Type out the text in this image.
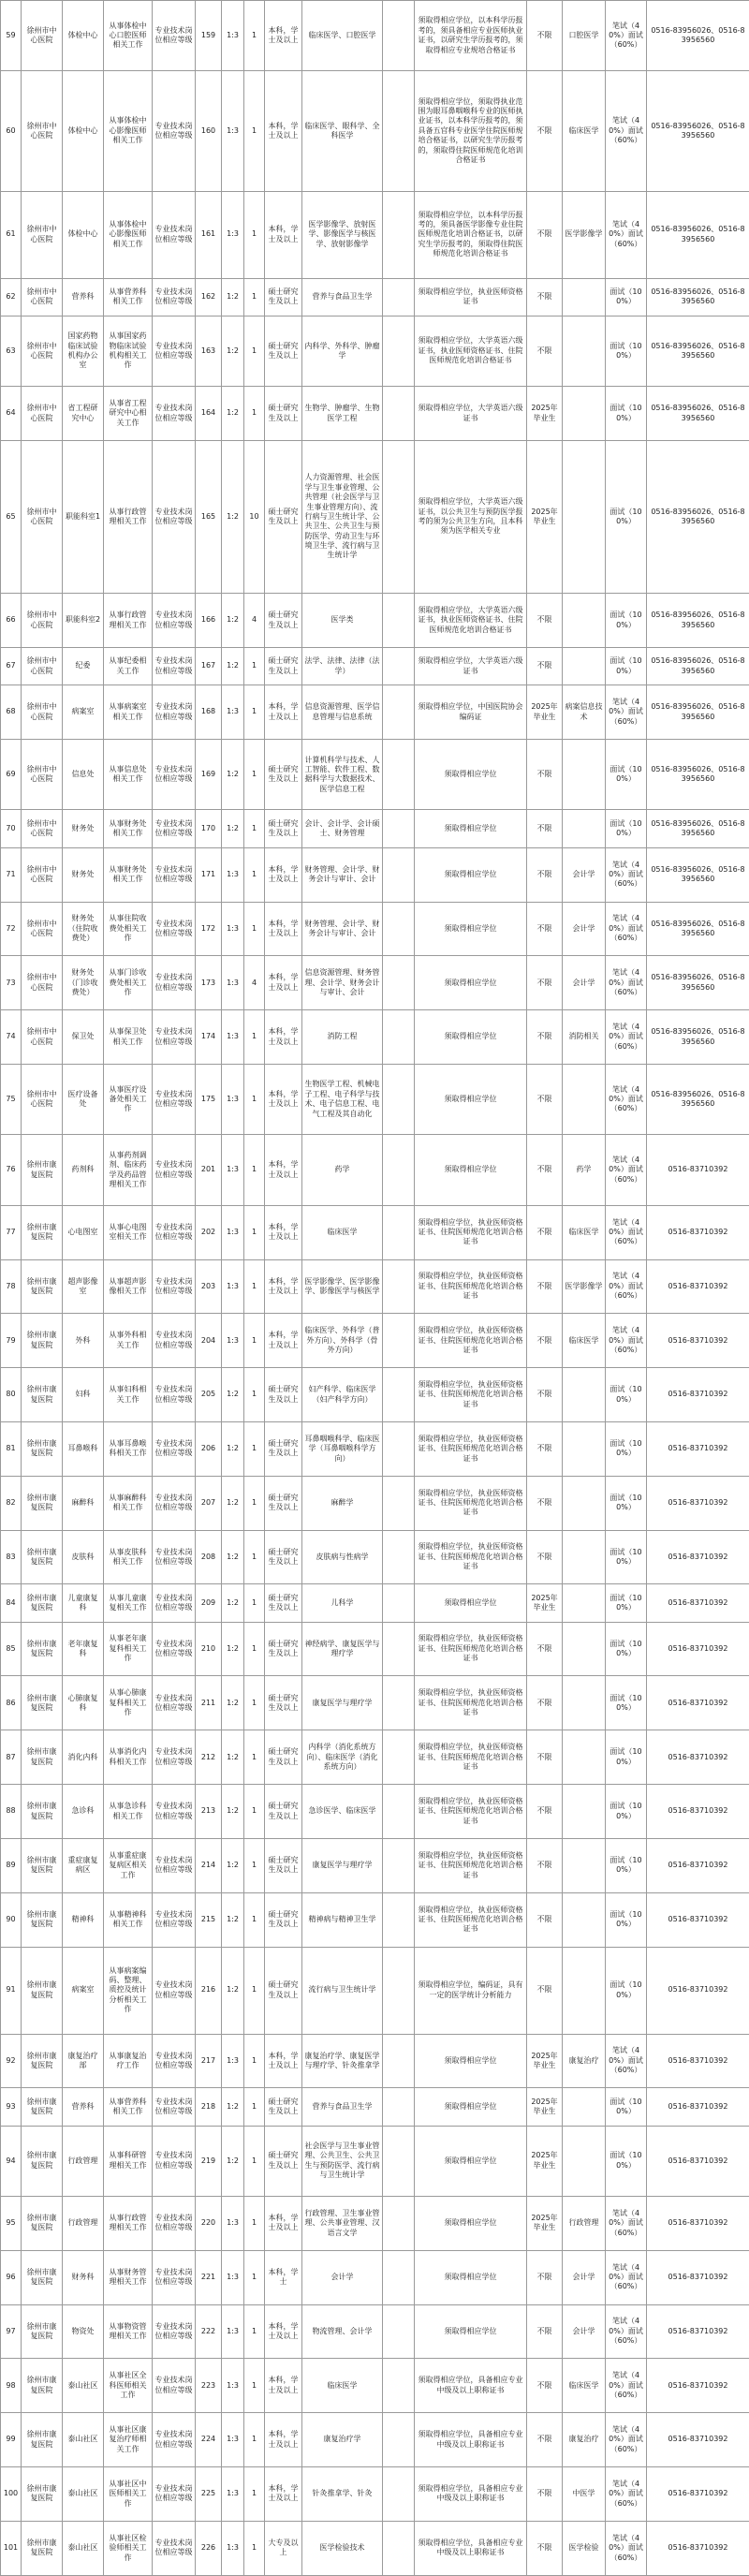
59	徐州市中心医院	体检中心	从事体检中心口腔医师相关工作	专业技术岗位相应等级	159	1:3	1	本科，学士及以上	临床医学、口腔医学		须取得相应学位，以本科学历报考的，须具备相应专业医师执业证书，以研究生学历报考的，须取得相应专业规培合格证书	不限	口腔医学	笔试（40%）面试（60%）	0516-83956026、0516-83956560
60	徐州市中心医院	体检中心	从事体检中心影像医师相关工作	专业技术岗位相应等级	160	1:3	1	本科，学士及以上	临床医学、眼科学、全科医学		须取得相应学位，须取得执业范围为眼耳鼻咽喉科专业的医师执业证书，以本科学历报考的，须具备五官科专业医学住院医师规培合格证书，以研究生学历报考的，须取得住院医师规范化培训合格证书	不限	临床医学	笔试（40%）面试（60%）	0516-83956026、0516-83956560
61	徐州市中心医院	体检中心	从事体检中心影像医师相关工作	专业技术岗位相应等级	161	1:3	1	本科，学士及以上	医学影像学、放射医学、影像医学与核医学、放射影像学		须取得相应学位，以本科学历报考的，须具备医学影像专业住院医师规范化培训合格证书，以研究生学历报考的，须取得住院医师规范化培训合格证书	不限	医学影像学	笔试（40%）面试（60%）	0516-83956026、0516-83956560
62	徐州市中心医院	营养科	从事营养科相关工作	专业技术岗位相应等级	162	1:2	1	硕士研究生及以上	营养与食品卫生学		须取得相应学位，执业医师资格证书	不限		面试（100%）	0516-83956026、0516-83956560
63	徐州市中心医院	国家药物临床试验机构办公室	从事国家药物临床试验机构相关工作	专业技术岗位相应等级	163	1:2	1	硕士研究生及以上	内科学、外科学、肿瘤学		须取得相应学位，大学英语六级证书，执业医师资格证书、住院医师规范化培训合格证书	不限		面试（100%）	0516-83956026、0516-83956560
64	徐州市中心医院	省工程研究中心	从事省工程研究中心相关工作	专业技术岗位相应等级	164	1:2	1	硕士研究生及以上	生物学、肿瘤学、生物医学工程		须取得相应学位，大学英语六级证书	2025年毕业生		面试（100%）	0516-83956026、0516-83956560
65	徐州市中心医院	职能科室1	从事行政管理相关工作	专业技术岗位相应等级	165	1:2	10	硕士研究生及以上	人力资源管理、社会医学与卫生事业管理、公共管理（社会医学与卫生事业管理方向）、流行病与卫生统计学、公共卫生、公共卫生与预防医学、劳动卫生与环境卫生学、流行病与卫生统计学		须取得相应学位，大学英语六级证书，以公共卫生与预防医学报考的须为公共卫生方向，且本科须为医学相关专业	2025年毕业生		面试（100%）	0516-83956026、0516-83956560
66	徐州市中心医院	职能科室2	从事行政管理相关工作	专业技术岗位相应等级	166	1:2	4	硕士研究生及以上	医学类		须取得相应学位，大学英语六级证书，执业医师资格证书、住院医师规范化培训合格证书	不限		面试（100%）	0516-83956026、0516-83956560
67	徐州市中心医院	纪委	从事纪委相关工作	专业技术岗位相应等级	167	1:2	1	硕士研究生及以上	法学、法律、法律（法学）		须取得相应学位，大学英语六级证书	不限		面试（100%）	0516-83956026、0516-83956560
68	徐州市中心医院	病案室	从事病案室相关工作	专业技术岗位相应等级	168	1:3	1	本科，学士及以上	信息资源管理、医学信息管理与信息系统		须取得相应学位，中国医院协会编码证	2025年毕业生	病案信息技术	笔试（40%）面试（60%）	0516-83956026、0516-83956560
69	徐州市中心医院	信息处	从事信息处相关工作	专业技术岗位相应等级	169	1:2	1	硕士研究生及以上	计算机科学与技术、人工智能、软件工程、数据科学与大数据技术、医学信息工程		须取得相应学位	不限		面试（100%）	0516-83956026、0516-83956560
70	徐州市中心医院	财务处	从事财务处相关工作	专业技术岗位相应等级	170	1:2	1	硕士研究生及以上	会计、会计学、会计硕士、财务管理		须取得相应学位	不限		面试（100%）	0516-83956026、0516-83956560
71	徐州市中心医院	财务处	从事财务处相关工作	专业技术岗位相应等级	171	1:3	1	本科，学士及以上	财务管理、会计学、财务会计与审计、会计		须取得相应学位	不限	会计学	笔试（40%）面试（60%）	0516-83956026、0516-83956560
72	徐州市中心医院	财务处（住院收费处）	从事住院收费处相关工作	专业技术岗位相应等级	172	1:3	1	本科，学士及以上	财务管理、会计学、财务会计与审计、会计		须取得相应学位	不限	会计学	笔试（40%）面试（60%）	0516-83956026、0516-83956560
73	徐州市中心医院	财务处（门诊收费处）	从事门诊收费处相关工作	专业技术岗位相应等级	173	1:3	4	本科，学士及以上	信息资源管理、财务管理、会计学、财务会计与审计、会计		须取得相应学位	不限	会计学	笔试（40%）面试（60%）	0516-83956026、0516-83956560
74	徐州市中心医院	保卫处	从事保卫处相关工作	专业技术岗位相应等级	174	1:3	1	本科，学士及以上	消防工程		须取得相应学位	不限	消防相关	笔试（40%）面试（60%）	0516-83956026、0516-83956560
75	徐州市中心医院	医疗设备处	从事医疗设备处相关工作	专业技术岗位相应等级	175	1:3	1	本科，学士及以上	生物医学工程、机械电子工程、电子科学与技术、电子信息工程、电气工程及其自动化		须取得相应学位	不限		笔试（40%）面试（60%）	0516-83956026、0516-83956560
76	徐州市康复医院	药剂科	从事药剂调剂、临床药学及药品管理相关工作	专业技术岗位相应等级	201	1:3	1	本科，学士及以上	药学		须取得相应学位	不限	药学	笔试（40%）面试（60%）	0516-83710392
77	徐州市康复医院	心电图室	从事心电图室相关工作	专业技术岗位相应等级	202	1:3	1	本科，学士及以上	临床医学		须取得相应学位，执业医师资格证书、住院医师规范化培训合格证书	不限	临床医学	笔试（40%）面试（60%）	0516-83710392
78	徐州市康复医院	超声影像室	从事超声影像相关工作	专业技术岗位相应等级	203	1:3	1	本科，学士及以上	医学影像学、医学影像学、影像医学与核医学		须取得相应学位，执业医师资格证书、住院医师规范化培训合格证书	不限	医学影像学	笔试（40%）面试（60%）	0516-83710392
79	徐州市康复医院	外科	从事外科相关工作	专业技术岗位相应等级	204	1:3	1	本科，学士及以上	临床医学、外科学（普外方向）、外科学（骨外方向）		须取得相应学位，执业医师资格证书、住院医师规范化培训合格证书	不限	临床医学	笔试（40%）面试（60%）	0516-83710392
80	徐州市康复医院	妇科	从事妇科相关工作	专业技术岗位相应等级	205	1:2	1	硕士研究生及以上	妇产科学、临床医学（妇产科学方向）		须取得相应学位，执业医师资格证书、住院医师规范化培训合格证书	不限		面试（100%）	0516-83710392
81	徐州市康复医院	耳鼻喉科	从事耳鼻喉科相关工作	专业技术岗位相应等级	206	1:2	1	硕士研究生及以上	耳鼻咽喉科学、临床医学（耳鼻咽喉科学方向）		须取得相应学位，执业医师资格证书、住院医师规范化培训合格证书	不限		面试（100%）	0516-83710392
82	徐州市康复医院	麻醉科	从事麻醉科相关工作	专业技术岗位相应等级	207	1:2	1	硕士研究生及以上	麻醉学		须取得相应学位，执业医师资格证书、住院医师规范化培训合格证书	不限		面试（100%）	0516-83710392
83	徐州市康复医院	皮肤科	从事皮肤科相关工作	专业技术岗位相应等级	208	1:2	1	硕士研究生及以上	皮肤病与性病学		须取得相应学位，执业医师资格证书、住院医师规范化培训合格证书	不限		面试（100%）	0516-83710392
84	徐州市康复医院	儿童康复科	从事儿童康复相关工作	专业技术岗位相应等级	209	1:2	1	硕士研究生及以上	儿科学		须取得相应学位	2025年毕业生		面试（100%）	0516-83710392
85	徐州市康复医院	老年康复科	从事老年康复科相关工作	专业技术岗位相应等级	210	1:2	1	硕士研究生及以上	神经病学、康复医学与理疗学		须取得相应学位，执业医师资格证书、住院医师规范化培训合格证书	不限		面试（100%）	0516-83710392
86	徐州市康复医院	心肺康复科	从事心肺康复科相关工作	专业技术岗位相应等级	211	1:2	1	硕士研究生及以上	康复医学与理疗学		须取得相应学位，执业医师资格证书、住院医师规范化培训合格证书	不限		面试（100%）	0516-83710392
87	徐州市康复医院	消化内科	从事消化内科相关工作	专业技术岗位相应等级	212	1:2	1	硕士研究生及以上	内科学（消化系统方向）、临床医学（消化系统方向）		须取得相应学位，执业医师资格证书、住院医师规范化培训合格证书	不限		面试（100%）	0516-83710392
88	徐州市康复医院	急诊科	从事急诊科相关工作	专业技术岗位相应等级	213	1:2	1	硕士研究生及以上	急诊医学、临床医学		须取得相应学位，执业医师资格证书、住院医师规范化培训合格证书	不限		面试（100%）	0516-83710392
89	徐州市康复医院	重症康复病区	从事重症康复病区相关工作	专业技术岗位相应等级	214	1:2	1	硕士研究生及以上	康复医学与理疗学		须取得相应学位，执业医师资格证书、住院医师规范化培训合格证书	不限		面试（100%）	0516-83710392
90	徐州市康复医院	精神科	从事精神科相关工作	专业技术岗位相应等级	215	1:2	1	硕士研究生及以上	精神病与精神卫生学		须取得相应学位，执业医师资格证书、住院医师规范化培训合格证书	不限		面试（100%）	0516-83710392
91	徐州市康复医院	病案室	从事病案编码、整理、质控及统计分析相关工作	专业技术岗位相应等级	216	1:2	1	硕士研究生及以上	流行病与卫生统计学		须取得相应学位，编码证，具有一定的医学统计分析能力	不限		面试（100%）	0516-83710392
92	徐州市康复医院	康复治疗部	从事康复治疗工作	专业技术岗位相应等级	217	1:3	1	本科，学士及以上	康复治疗学、康复医学与理疗学、针灸推拿学		须取得相应学位	2025年毕业生	康复治疗	笔试（40%）面试（60%）	0516-83710392
93	徐州市康复医院	营养科	从事营养科相关工作	专业技术岗位相应等级	218	1:2	1	硕士研究生及以上	营养与食品卫生学		须取得相应学位	2025年毕业生		面试（100%）	0516-83710392
94	徐州市康复医院	行政管理	从事科研管理相关工作	专业技术岗位相应等级	219	1:2	1	硕士研究生及以上	社会医学与卫生事业管理、公共卫生、公共卫生与预防医学、流行病与卫生统计学		须取得相应学位	2025年毕业生		面试（100%）	0516-83710392
95	徐州市康复医院	行政管理	从事行政管理相关工作	专业技术岗位相应等级	220	1:3	1	本科，学士及以上	行政管理、卫生事业管理、公共事业管理、汉语言文学		须取得相应学位	2025年毕业生	行政管理	笔试（40%）面试（60%）	0516-83710392
96	徐州市康复医院	财务科	从事财务管理相关工作	专业技术岗位相应等级	221	1:3	1	本科，学士	会计学		须取得相应学位	不限	会计学	笔试（40%）面试（60%）	0516-83710392
97	徐州市康复医院	物资处	从事物资管理相关工作	专业技术岗位相应等级	222	1:3	1	本科，学士及以上	物流管理、会计学		须取得相应学位	不限	会计学	笔试（40%）面试（60%）	0516-83710392
98	徐州市康复医院	泰山社区	从事社区全科医师相关工作	专业技术岗位相应等级	223	1:3	1	本科，学士及以上	临床医学		须取得相应学位，具备相应专业中级及以上职称证书	不限	临床医学	笔试（40%）面试（60%）	0516-83710392
99	徐州市康复医院	泰山社区	从事社区康复治疗师相关工作	专业技术岗位相应等级	224	1:3	1	本科，学士及以上	康复治疗学		须取得相应学位，具备相应专业中级及以上职称证书	不限	康复治疗	笔试（40%）面试（60%）	0516-83710392
100	徐州市康复医院	泰山社区	从事社区中医师相关工作	专业技术岗位相应等级	225	1:3	1	本科，学士及以上	针灸推拿学、针灸		须取得相应学位，具备相应专业中级及以上职称证书	不限	中医学	笔试（40%）面试（60%）	0516-83710392
101	徐州市康复医院	泰山社区	从事社区检验师相关工作	专业技术岗位相应等级	226	1:3	1	大专及以上	医学检验技术		须取得相应学位，具备相应专业中级及以上职称证书	不限	医学检验	笔试（40%）面试（60%）	0516-83710392
